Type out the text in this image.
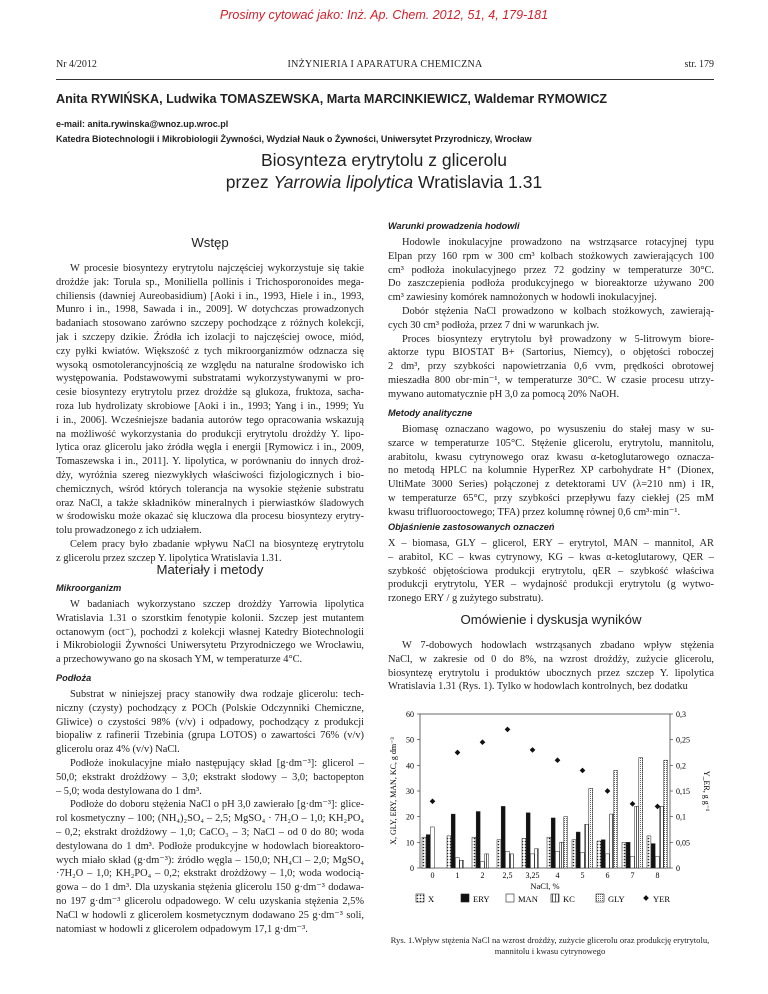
Prosimy cytować jako: Inż. Ap. Chem. 2012, 51, 4, 179-181
Nr 4/2012	INŻYNIERIA I APARATURA CHEMICZNA	str. 179
Anita RYWIŃSKA, Ludwika TOMASZEWSKA, Marta MARCINKIEWICZ, Waldemar RYMOWICZ
e-mail: anita.rywinska@wnoz.up.wroc.pl
Katedra Biotechnologii i Mikrobiologii Żywności, Wydział Nauk o Żywności, Uniwersytet Przyrodniczy, Wrocław
Biosynteza erytrytolu z glicerolu
przez Yarrowia lipolytica Wratislavia 1.31
Wstęp
W procesie biosyntezy erytrytolu najczęściej wykorzystuje się takie
drożdże jak: Torula sp., Moniliella pollinis i Trichosporonoides mega-
chiliensis (dawniej Aureobasidium) [Aoki i in., 1993, Hiele i in., 1993,
Munro i in., 1998, Sawada i in., 2009]. W dotychczas prowadzonych
badaniach stosowano zarówno szczepy pochodzące z różnych kolekcji,
jak i szczepy dzikie. Źródła ich izolacji to najczęściej owoce, miód,
czy pyłki kwiatów. Większość z tych mikroorganizmów odznacza się
wysoką osmotolerancyjnością ze względu na naturalne środowisko ich
występowania. Podstawowymi substratami wykorzystywanymi w pro-
cesie biosyntezy erytrytolu przez drożdże są glukoza, fruktoza, sacha-
roza lub hydrolizaty skrobiowe [Aoki i in., 1993; Yang i in., 1999; Yu
i in., 2006]. Wcześniejsze badania autorów tego opracowania wskazują
na możliwość wykorzystania do produkcji erytrytolu drożdży Y. lipo-
lytica oraz glicerolu jako źródła węgla i energii [Rymowicz i in., 2009,
Tomaszewska i in., 2011]. Y. lipolytica, w porównaniu do innych droż-
dży, wyróżnia szereg niezwykłych właściwości fizjologicznych i bio-
chemicznych, wśród których tolerancja na wysokie stężenie substratu
oraz NaCl, a także składników mineralnych i pierwiastków śladowych
w środowisku może okazać się kluczowa dla procesu biosyntezy erytry-
tolu prowadzonego z ich udziałem.
Celem pracy było zbadanie wpływu NaCl na biosyntezę erytrytolu
z glicerolu przez szczep Y. lipolytica Wratislavia 1.31.
Materiały i metody
Mikroorganizm
W badaniach wykorzystano szczep drożdży Yarrowia lipolytica
Wratislavia 1.31 o szorstkim fenotypie kolonii. Szczep jest mutantem
octanowym (oct⁻), pochodzi z kolekcji własnej Katedry Biotechnologii
i Mikrobiologii Żywności Uniwersytetu Przyrodniczego we Wrocławiu,
a przechowywano go na skosach YM, w temperaturze 4°C.
Podłoża
Substrat w niniejszej pracy stanowiły dwa rodzaje glicerolu: tech-
niczny (czysty) pochodzący z POCh (Polskie Odczynniki Chemiczne,
Gliwice) o czystości 98% (v/v) i odpadowy, pochodzący z produkcji
biopaliw z rafinerii Trzebinia (grupa LOTOS) o zawartości 76% (v/v)
glicerolu oraz 4% (v/v) NaCl.
Podłoże inokulacyjne miało następujący skład [g·dm⁻³]: glicerol –
50,0; ekstrakt drożdżowy – 3,0; ekstrakt słodowy – 3,0; bactopepton
– 5,0; woda destylowana do 1 dm³.
Podłoże do doboru stężenia NaCl o pH 3,0 zawierało [g·dm⁻³]: glice-
rol kosmetyczny – 100; (NH₄)₂SO₄ – 2,5; MgSO₄ · 7H₂O – 1,0; KH₂PO₄
– 0,2; ekstrakt drożdżowy – 1,0; CaCO₃ – 3; NaCl – od 0 do 80; woda
destylowana do 1 dm³. Podłoże produkcyjne w hodowlach bioreaktoro-
wych miało skład (g·dm⁻³): źródło węgla – 150,0; NH₄Cl – 2,0; MgSO₄
·7H₂O – 1,0; KH₂PO₄ – 0,2; ekstrakt drożdżowy – 1,0; woda wodocią-
gowa – do 1 dm³. Dla uzyskania stężenia glicerolu 150 g·dm⁻³ dodawa-
no 197 g·dm⁻³ glicerolu odpadowego. W celu uzyskania stężenia 2,5%
NaCl w hodowli z glicerolem kosmetycznym dodawano 25 g·dm⁻³ soli,
natomiast w hodowli z glicerolem odpadowym 17,1 g·dm⁻³.
Warunki prowadzenia hodowli
Hodowle inokulacyjne prowadzono na wstrząsarce rotacyjnej typu
Elpan przy 160 rpm w 300 cm³ kolbach stożkowych zawierających 100
cm³ podłoża inokulacyjnego przez 72 godziny w temperaturze 30°C.
Do zaszczepienia podłoża produkcyjnego w bioreaktorze używano 200
cm³ zawiesiny komórek namnożonych w hodowli inokulacyjnej.
Dobór stężenia NaCl prowadzono w kolbach stożkowych, zawierają-
cych 30 cm³ podłoża, przez 7 dni w warunkach jw.
Proces biosyntezy erytrytolu był prowadzony w 5-litrowym biore-
aktorze typu BIOSTAT B+ (Sartorius, Niemcy), o objętości roboczej
2 dm³, przy szybkości napowietrzania 0,6 vvm, prędkości obrotowej
mieszadła 800 obr·min⁻¹, w temperaturze 30°C. W czasie procesu utrzy-
mywano automatycznie pH 3,0 za pomocą 20% NaOH.
Metody analityczne
Biomasę oznaczano wagowo, po wysuszeniu do stałej masy w su-
szarce w temperaturze 105°C. Stężenie glicerolu, erytrytolu, mannitolu,
arabitolu, kwasu cytrynowego oraz kwasu α-ketoglutarowego oznacza-
no metodą HPLC na kolumnie HyperRez XP carbohydrate H⁺ (Dionex,
UltiMate 3000 Series) połączonej z detektorami UV (λ=210 nm) i IR,
w temperaturze 65°C, przy szybkości przepływu fazy ciekłej (25 mM
kwasu trifluorooctowego; TFA) przez kolumnę równej 0,6 cm³·min⁻¹.
Objaśnienie zastosowanych oznaczeń
X – biomasa, GLY – glicerol, ERY – erytrytol, MAN – mannitol, AR
– arabitol, KC – kwas cytrynowy, KG – kwas α-ketoglutarowy, QER –
szybkość objętościowa produkcji erytrytolu, qER – szybkość właściwa
produkcji erytrytolu, YER – wydajność produkcji erytrytolu (g wytwo-
rzonego ERY / g zużytego substratu).
Omówienie i dyskusja wyników
W 7-dobowych hodowlach wstrząsanych zbadano wpływ stężenia
NaCl, w zakresie od 0 do 8%, na wzrost drożdży, zużycie glicerolu,
biosyntezę erytrytolu i produktów ubocznych przez szczep Y. lipolytica
Wratislavia 1.31 (Rys. 1). Tylko w hodowlach kontrolnych, bez dodatku
0
10
20
30
40
50
60
0
0,05
0,1
0,15
0,2
0,25
0,3
X, GLY, ERY, MAN, KC, g dm⁻³	Y_ER, g g⁻¹
0	1	2 2,5 3,25 4	5	6	7	8
NaCl, %
X	ERY	MAN	KC	GLY	YER
Rys. 1.Wpływ stężenia NaCl na wzrost drożdży, zużycie glicerolu oraz produkcję erytrytolu, mannitolu i kwasu cytrynowego
